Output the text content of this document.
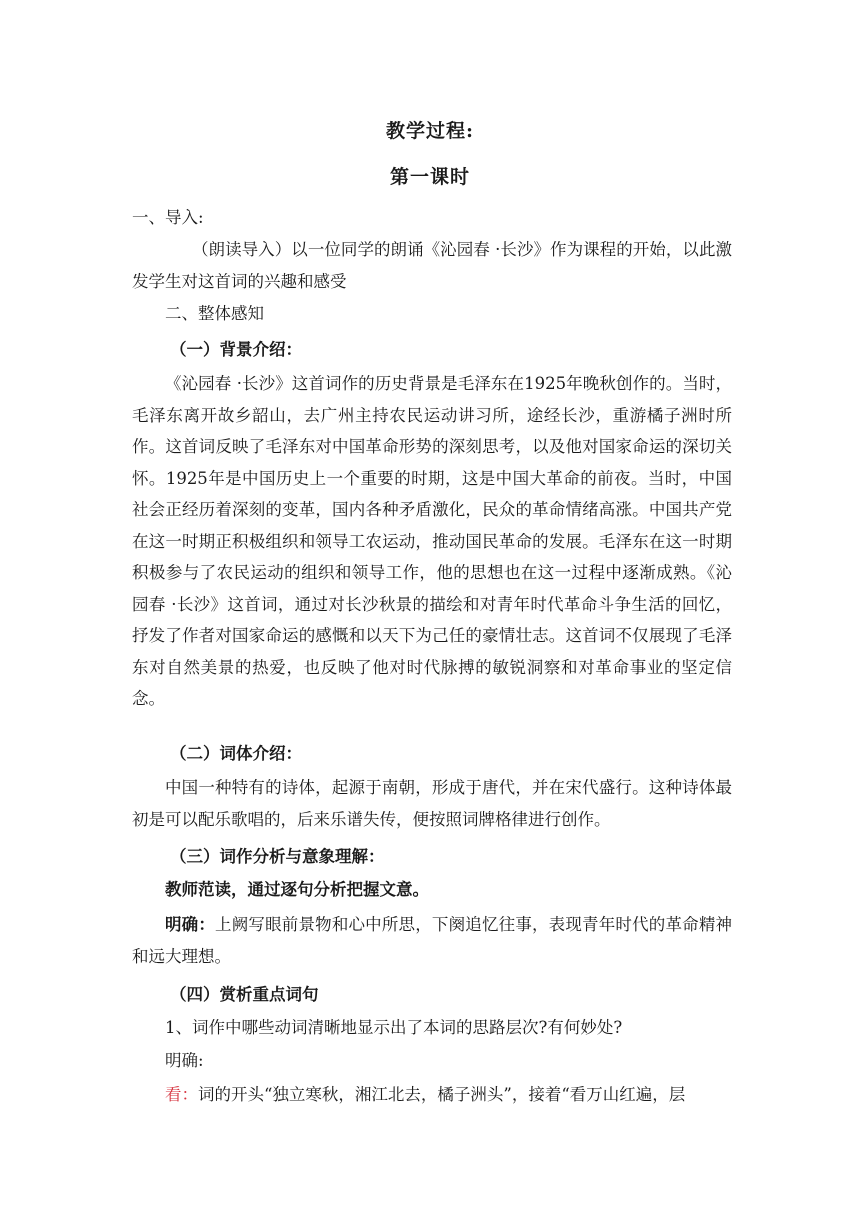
教学过程:
第一课时
一、导入:
（朗读导入）以一位同学的朗诵《沁园春 ·长沙》作为课程的开始，以此激发学生对这首词的兴趣和感受
二、整体感知
（一）背景介绍：
《沁园春 ·长沙》这首词作的历史背景是毛泽东在1925年晚秋创作的。当时，毛泽东离开故乡韶山，去广州主持农民运动讲习所，途经长沙，重游橘子洲时所作。这首词反映了毛泽东对中国革命形势的深刻思考，以及他对国家命运的深切关怀。1925年是中国历史上一个重要的时期，这是中国大革命的前夜。当时，中国社会正经历着深刻的变革，国内各种矛盾激化，民众的革命情绪高涨。中国共产党在这一时期正积极组织和领导工农运动，推动国民革命的发展。毛泽东在这一时期积极参与了农民运动的组织和领导工作，他的思想也在这一过程中逐渐成熟。《沁园春 ·长沙》这首词，通过对长沙秋景的描绘和对青年时代革命斗争生活的回忆，抒发了作者对国家命运的感慨和以天下为己任的豪情壮志。这首词不仅展现了毛泽东对自然美景的热爱，也反映了他对时代脉搏的敏锐洞察和对革命事业的坚定信念。
（二）词体介绍：
中国一种特有的诗体，起源于南朝，形成于唐代，并在宋代盛行。这种诗体最初是可以配乐歌唱的，后来乐谱失传，便按照词牌格律进行创作。
（三）词作分析与意象理解：
教师范读，通过逐句分析把握文意。
明确：上阙写眼前景物和心中所思，下阕追忆往事，表现青年时代的革命精神和远大理想。
（四）赏析重点词句
1、词作中哪些动词清晰地显示出了本词的思路层次?有何妙处?
明确:
看：词的开头“独立寒秋，湘江北去，橘子洲头”，接着“看万山红遍，层
